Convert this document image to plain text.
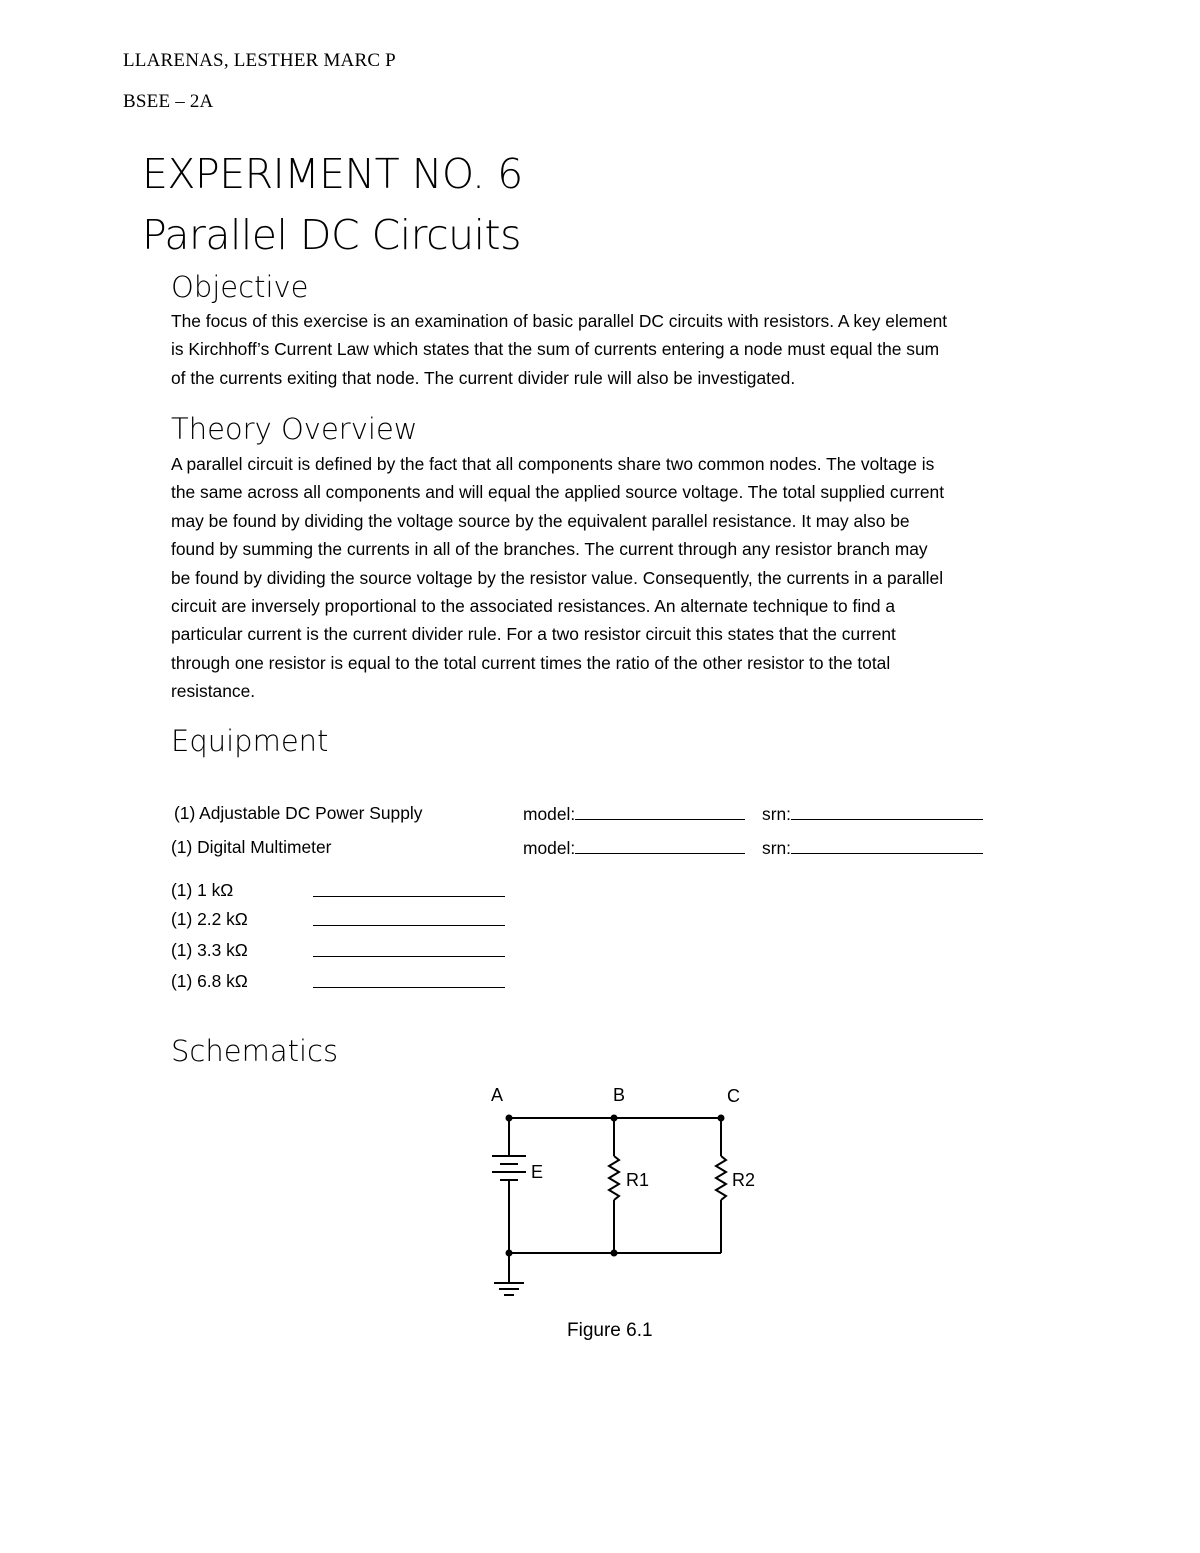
LLARENAS, LESTHER MARC P
BSEE – 2A
EXPERIMENT NO. 6
Parallel DC Circuits
Objective
The focus of this exercise is an examination of basic parallel DC circuits with resistors. A key element
is Kirchhoff’s Current Law which states that the sum of currents entering a node must equal the sum
of the currents exiting that node. The current divider rule will also be investigated.
Theory Overview
A parallel circuit is defined by the fact that all components share two common nodes. The voltage is
the same across all components and will equal the applied source voltage. The total supplied current
may be found by dividing the voltage source by the equivalent parallel resistance. It may also be
found by summing the currents in all of the branches. The current through any resistor branch may
be found by dividing the source voltage by the resistor value. Consequently, the currents in a parallel
circuit are inversely proportional to the associated resistances. An alternate technique to find a
particular current is the current divider rule. For a two resistor circuit this states that the current
through one resistor is equal to the total current times the ratio of the other resistor to the total
resistance.
Equipment
(1) Adjustable DC Power Supply	model:	srn:
(1) Digital Multimeter	model:	srn:
(1) 1 kΩ
(1) 2.2 kΩ
(1) 3.3 kΩ
(1) 6.8 kΩ
Schematics
A	B	C
E	R1	R2
Figure 6.1
